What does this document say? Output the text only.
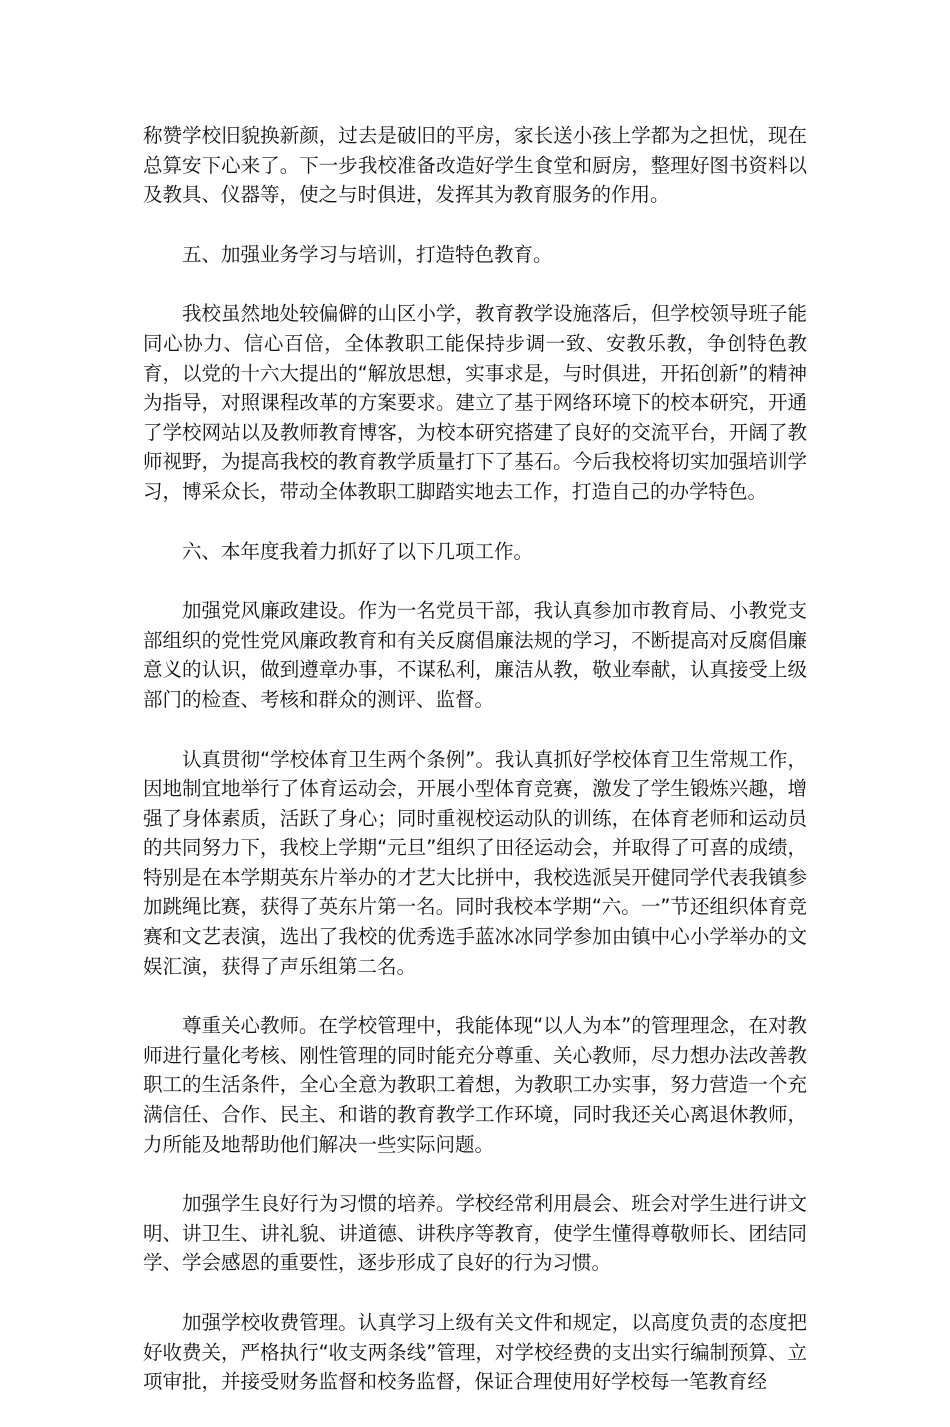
称赞学校旧貌换新颜，过去是破旧的平房，家长送小孩上学都为之担忧，现在总算安下心来了。下一步我校准备改造好学生食堂和厨房，整理好图书资料以及教具、仪器等，使之与时俱进，发挥其为教育服务的作用。

五、加强业务学习与培训，打造特色教育。

我校虽然地处较偏僻的山区小学，教育教学设施落后，但学校领导班子能同心协力、信心百倍，全体教职工能保持步调一致、安教乐教，争创特色教育，以党的十六大提出的“解放思想，实事求是，与时俱进，开拓创新”的精神为指导，对照课程改革的方案要求。建立了基于网络环境下的校本研究，开通了学校网站以及教师教育博客，为校本研究搭建了良好的交流平台，开阔了教师视野，为提高我校的教育教学质量打下了基石。今后我校将切实加强培训学习，博采众长，带动全体教职工脚踏实地去工作，打造自己的办学特色。

六、本年度我着力抓好了以下几项工作。

加强党风廉政建设。作为一名党员干部，我认真参加市教育局、小教党支部组织的党性党风廉政教育和有关反腐倡廉法规的学习，不断提高对反腐倡廉意义的认识，做到遵章办事，不谋私利，廉洁从教，敬业奉献，认真接受上级部门的检查、考核和群众的测评、监督。

认真贯彻“学校体育卫生两个条例”。我认真抓好学校体育卫生常规工作，因地制宜地举行了体育运动会，开展小型体育竞赛，激发了学生锻炼兴趣，增强了身体素质，活跃了身心；同时重视校运动队的训练，在体育老师和运动员的共同努力下，我校上学期“元旦”组织了田径运动会，并取得了可喜的成绩，特别是在本学期英东片举办的才艺大比拼中，我校选派吴开健同学代表我镇参加跳绳比赛，获得了英东片第一名。同时我校本学期“六。一”节还组织体育竞赛和文艺表演，选出了我校的优秀选手蓝冰冰同学参加由镇中心小学举办的文娱汇演，获得了声乐组第二名。

尊重关心教师。在学校管理中，我能体现“以人为本”的管理理念，在对教师进行量化考核、刚性管理的同时能充分尊重、关心教师，尽力想办法改善教职工的生活条件，全心全意为教职工着想，为教职工办实事，努力营造一个充满信任、合作、民主、和谐的教育教学工作环境，同时我还关心离退休教师，力所能及地帮助他们解决一些实际问题。

加强学生良好行为习惯的培养。学校经常利用晨会、班会对学生进行讲文明、讲卫生、讲礼貌、讲道德、讲秩序等教育，使学生懂得尊敬师长、团结同学、学会感恩的重要性，逐步形成了良好的行为习惯。

加强学校收费管理。认真学习上级有关文件和规定，以高度负责的态度把好收费关，严格执行“收支两条线”管理，对学校经费的支出实行编制预算、立项审批，并接受财务监督和校务监督，保证合理使用好学校每一笔教育经
